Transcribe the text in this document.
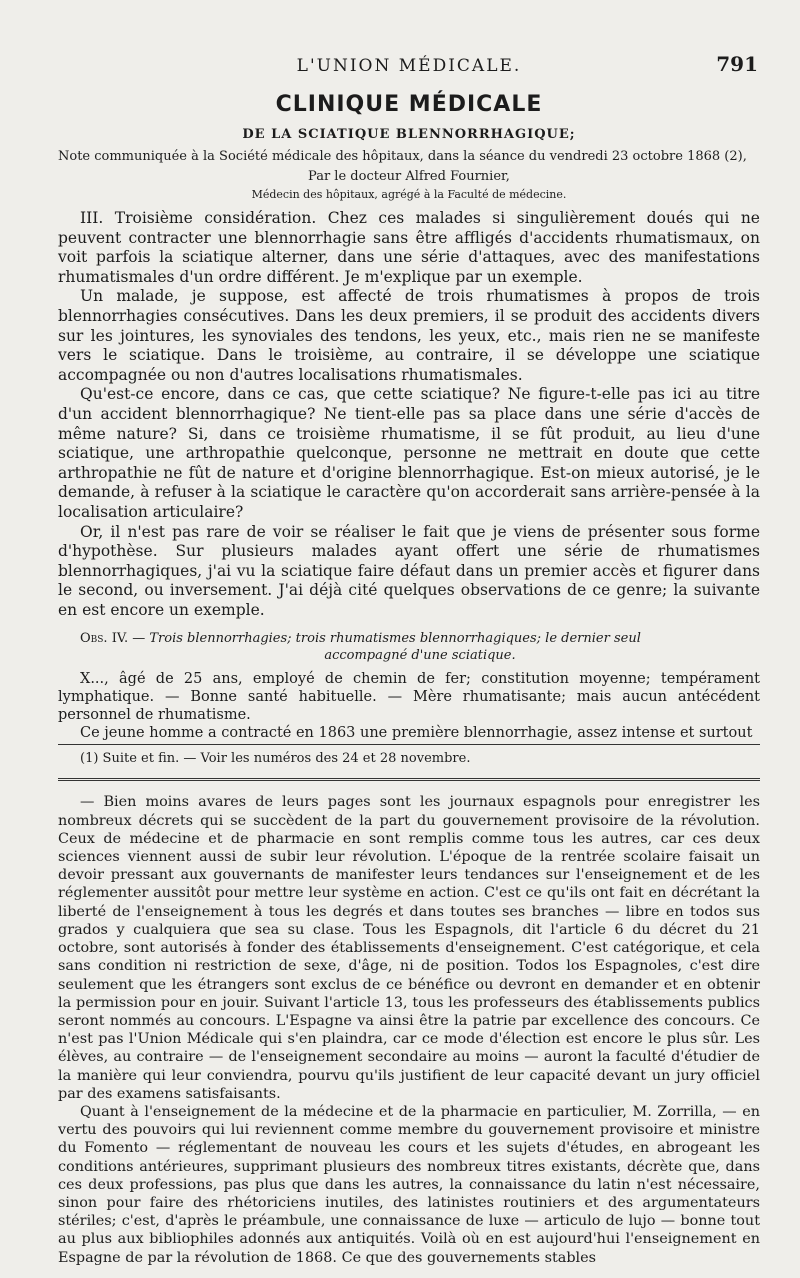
L'UNION MÉDICALE.	791
CLINIQUE MÉDICALE
DE LA SCIATIQUE BLENNORRHAGIQUE;

Note communiquée à la Société médicale des hôpitaux, dans la séance du vendredi 23 octobre 1868 (2),

Par le docteur Alfred Fournier,
Médecin des hôpitaux, agrégé à la Faculté de médecine.

III. Troisième considération. Chez ces malades si singulièrement doués qui ne peuvent contracter une blennorrhagie sans être affligés d'accidents rhumatismaux, on voit parfois la sciatique alterner, dans une série d'attaques, avec des manifestations rhumatismales d'un ordre différent. Je m'explique par un exemple.

Un malade, je suppose, est affecté de trois rhumatismes à propos de trois blennorrhagies consécutives. Dans les deux premiers, il se produit des accidents divers sur les jointures, les synoviales des tendons, les yeux, etc., mais rien ne se manifeste vers le sciatique. Dans le troisième, au contraire, il se développe une sciatique accompagnée ou non d'autres localisations rhumatismales.

Qu'est-ce encore, dans ce cas, que cette sciatique? Ne figure-t-elle pas ici au titre d'un accident blennorrhagique? Ne tient-elle pas sa place dans une série d'accès de même nature? Si, dans ce troisième rhumatisme, il se fût produit, au lieu d'une sciatique, une arthropathie quelconque, personne ne mettrait en doute que cette arthropathie ne fût de nature et d'origine blennorrhagique. Est-on mieux autorisé, je le demande, à refuser à la sciatique le caractère qu'on accorderait sans arrière-pensée à la localisation articulaire?

Or, il n'est pas rare de voir se réaliser le fait que je viens de présenter sous forme d'hypothèse. Sur plusieurs malades ayant offert une série de rhumatismes blennorrhagiques, j'ai vu la sciatique faire défaut dans un premier accès et figurer dans le second, ou inversement. J'ai déjà cité quelques observations de ce genre; la suivante en est encore un exemple.

Obs. IV. — Trois blennorrhagies; trois rhumatismes blennorrhagiques; le dernier seul
accompagné d'une sciatique.

X..., âgé de 25 ans, employé de chemin de fer; constitution moyenne; tempérament lymphatique. — Bonne santé habituelle. — Mère rhumatisante; mais aucun antécédent personnel de rhumatisme.

Ce jeune homme a contracté en 1863 une première blennorrhagie, assez intense et surtout

(1) Suite et fin. — Voir les numéros des 24 et 28 novembre.

— Bien moins avares de leurs pages sont les journaux espagnols pour enregistrer les nombreux décrets qui se succèdent de la part du gouvernement provisoire de la révolution. Ceux de médecine et de pharmacie en sont remplis comme tous les autres, car ces deux sciences viennent aussi de subir leur révolution. L'époque de la rentrée scolaire faisait un devoir pressant aux gouvernants de manifester leurs tendances sur l'enseignement et de les réglementer aussitôt pour mettre leur système en action. C'est ce qu'ils ont fait en décrétant la liberté de l'enseignement à tous les degrés et dans toutes ses branches — libre en todos sus grados y cualquiera que sea su clase. Tous les Espagnols, dit l'article 6 du décret du 21 octobre, sont autorisés à fonder des établissements d'enseignement. C'est catégorique, et cela sans condition ni restriction de sexe, d'âge, ni de position. Todos los Espagnoles, c'est dire seulement que les étrangers sont exclus de ce bénéfice ou devront en demander et en obtenir la permission pour en jouir. Suivant l'article 13, tous les professeurs des établissements publics seront nommés au concours. L'Espagne va ainsi être la patrie par excellence des concours. Ce n'est pas l'Union Médicale qui s'en plaindra, car ce mode d'élection est encore le plus sûr. Les élèves, au contraire — de l'enseignement secondaire au moins — auront la faculté d'étudier de la manière qui leur conviendra, pourvu qu'ils justifient de leur capacité devant un jury officiel par des examens satisfaisants.

Quant à l'enseignement de la médecine et de la pharmacie en particulier, M. Zorrilla, — en vertu des pouvoirs qui lui reviennent comme membre du gouvernement provisoire et ministre du Fomento — réglementant de nouveau les cours et les sujets d'études, en abrogeant les conditions antérieures, supprimant plusieurs des nombreux titres existants, décrète que, dans ces deux professions, pas plus que dans les autres, la connaissance du latin n'est nécessaire, sinon pour faire des rhétoriciens inutiles, des latinistes routiniers et des argumentateurs stériles; c'est, d'après le préambule, une connaissance de luxe — articulo de lujo — bonne tout au plus aux bibliophiles adonnés aux antiquités. Voilà où en est aujourd'hui l'enseignement en Espagne de par la révolution de 1868. Ce que des gouvernements stables
